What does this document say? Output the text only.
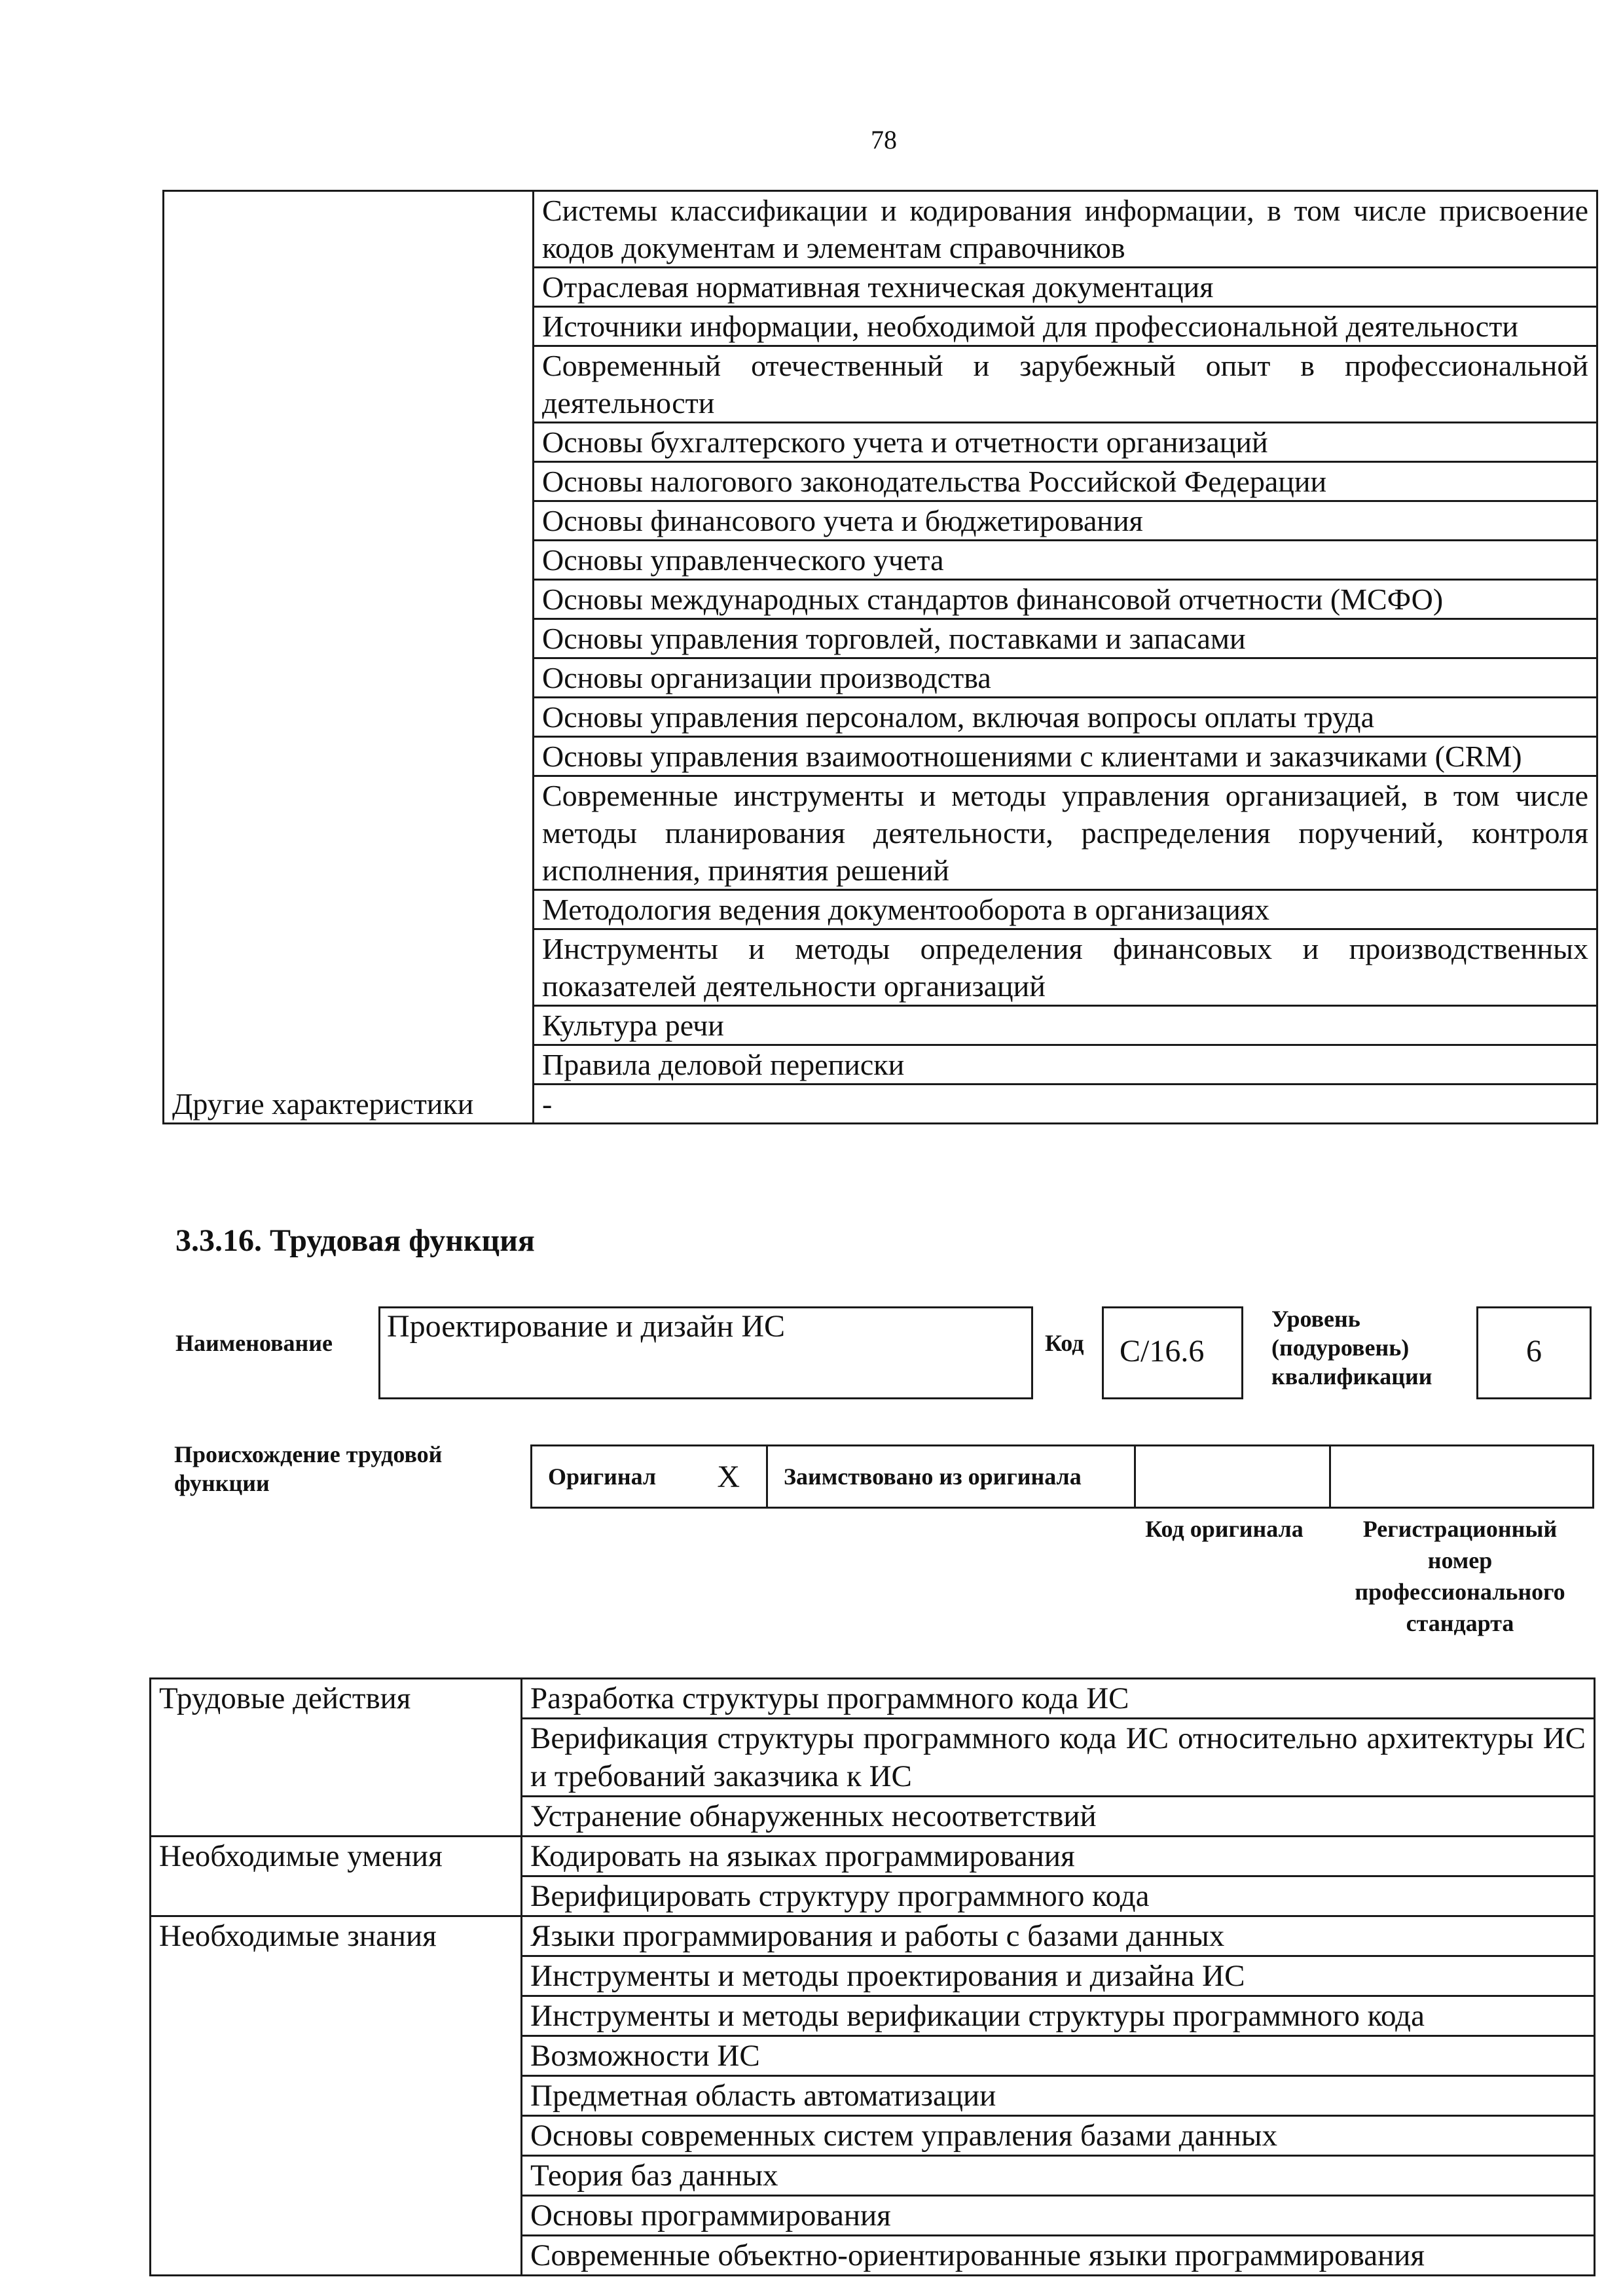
78
	Системы классификации и кодирования информации, в том числе присвоение кодов документам и элементам справочников
	Отраслевая нормативная техническая документация
	Источники информации, необходимой для профессиональной деятельности
	Современный отечественный и зарубежный опыт в профессиональной деятельности
	Основы бухгалтерского учета и отчетности организаций
	Основы налогового законодательства Российской Федерации
	Основы финансового учета и бюджетирования
	Основы управленческого учета
	Основы международных стандартов финансовой отчетности (МСФО)
	Основы управления торговлей, поставками и запасами
	Основы организации производства
	Основы управления персоналом, включая вопросы оплаты труда
	Основы управления взаимоотношениями с клиентами и заказчиками (CRM)
	Современные инструменты и методы управления организацией, в том числе методы планирования деятельности, распределения поручений, контроля исполнения, принятия решений
	Методология ведения документооборота в организациях
	Инструменты и методы определения финансовых и производственных показателей деятельности организаций
	Культура речи
	Правила деловой переписки
Другие характеристики	-
3.3.16. Трудовая функция
Наименование Проектирование и дизайн ИС	Код C/16.6
Уровень (подуровень) квалификации
6
Происхождение трудовой функции	Оригинал X Заимствовано из оригинала
Код оригинала	Регистрационный номер профессионального стандарта
Трудовые действия	Разработка структуры программного кода ИС
	Верификация структуры программного кода ИС относительно архитектуры ИС и требований заказчика к ИС
	Устранение обнаруженных несоответствий
Необходимые умения	Кодировать на языках программирования
	Верифицировать структуру программного кода
Необходимые знания	Языки программирования и работы с базами данных
	Инструменты и методы проектирования и дизайна ИС
	Инструменты и методы верификации структуры программного кода
	Возможности ИС
	Предметная область автоматизации
	Основы современных систем управления базами данных
	Теория баз данных
	Основы программирования
	Современные объектно-ориентированные языки программирования
